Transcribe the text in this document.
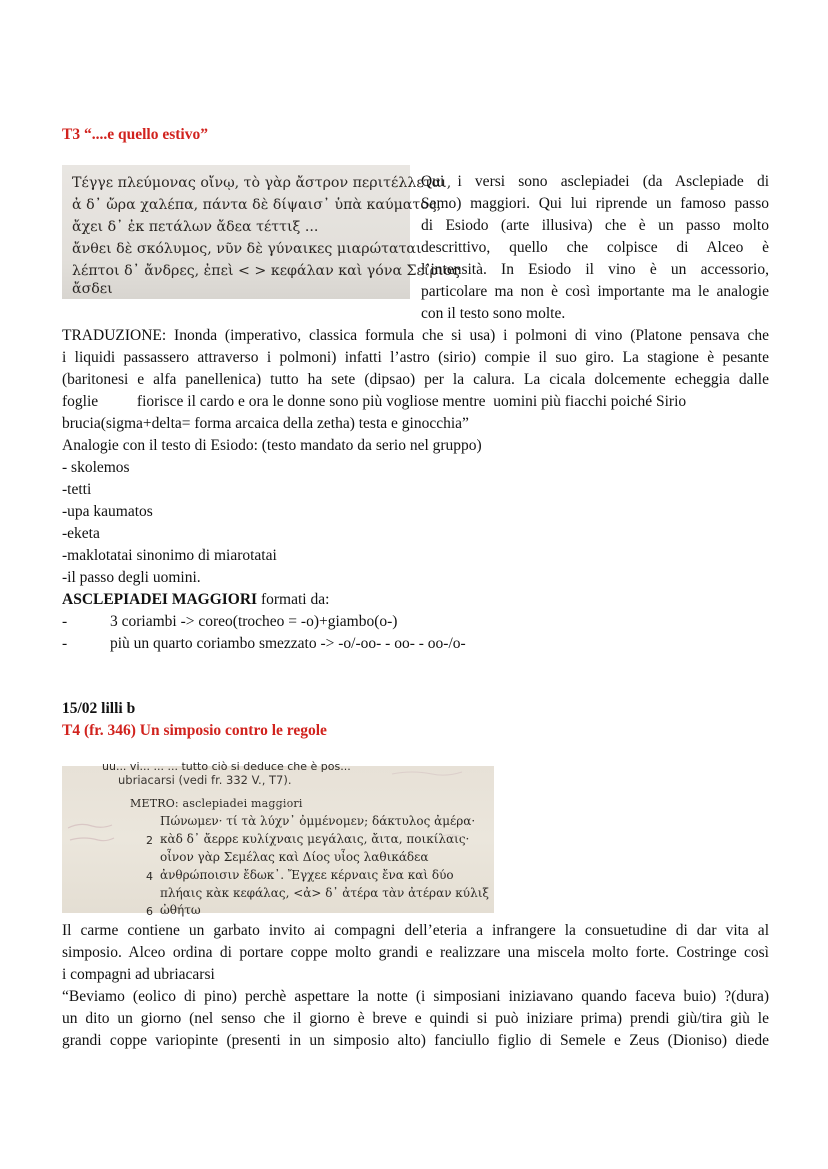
T3 “....e quello estivo”
Τέγγε πλεύμονας οἴνῳ, τὸ γὰρ ἄστρον περιτέλλεται,
ἀ δ᾽ ὤρα χαλέπα, πάντα δὲ δίψαισ᾽ ὑπὰ καύματος,
ἄχει δ᾽ ἐκ πετάλων ἄδεα τέττιξ ...
ἄνθει δὲ σκόλυμος, νῦν δὲ γύναικες μιαρώταται
λέπτοι δ᾽ ἄνδρες, ἐπεὶ < > κεφάλαν καὶ γόνα Σείριος
ἄσδει
Qui i versi sono asclepiadei (da Asclepiade di
Samo) maggiori. Qui lui riprende un famoso passo
di Esiodo (arte illusiva) che è un passo molto
descrittivo, quello che colpisce di Alceo è
l’intensità. In Esiodo il vino è un accessorio,
particolare ma non è così importante ma le analogie
con il testo sono molte.
TRADUZIONE: Inonda (imperativo, classica formula che si usa) i polmoni di vino (Platone pensava che
i liquidi passassero attraverso i polmoni) infatti l’astro (sirio) compie il suo giro. La stagione è pesante
(baritonesi e alfa panellenica) tutto ha sete (dipsao) per la calura. La cicala dolcemente echeggia dalle
foglie          fiorisce il cardo e ora le donne sono più vogliose mentre  uomini più fiacchi poiché Sirio
brucia(sigma+delta= forma arcaica della zetha) testa e ginocchia”
Analogie con il testo di Esiodo: (testo mandato da serio nel gruppo)
- skolemos
-tetti
-upa kaumatos
-eketa
-maklotatai sinonimo di miarotatai
-il passo degli uomini.
ASCLEPIADEI MAGGIORI formati da:
-	3 coriambi -> coreo(trocheo = -o)+giambo(o-)
-	più un quarto coriambo smezzato -> -o/-oo- - oo- - oo-/o-
15/02 lilli b
T4 (fr. 346) Un simposio contro le regole
uu... vi... ... ... tutto ciò si deduce che è pos...
ubriacarsi (vedi fr. 332 V., T7).
METRO: asclepiadei maggiori
Πώνωμεν· τί τὰ λύχν᾽ ὀμμένομεν; δάκτυλος ἀμέρα·
κὰδ δ᾽ ἄερρε κυλίχναις μεγάλαις, ἄιτα, ποικίλαις·
οἶνον γὰρ Σεμέλας καὶ Δίος υἶος λαθικάδεα
ἀνθρώποισιν ἔδωκ᾽. Ἔγχεε κέρναις ἔνα καὶ δύο
πλήαις κὰκ κεφάλας, <ἀ> δ᾽ ἀτέρα τὰν ἀτέραν κύλιξ
ὠθήτω
2
4
6
Il carme contiene un garbato invito ai compagni dell’eteria a infrangere la consuetudine di dar vita al
simposio. Alceo ordina di portare coppe molto grandi e realizzare una miscela molto forte. Costringe così
i compagni ad ubriacarsi
“Beviamo (eolico di pino) perchè aspettare la notte (i simposiani iniziavano quando faceva buio) ?(dura)
un dito un giorno (nel senso che il giorno è breve e quindi si può iniziare prima) prendi giù/tira giù le
grandi coppe variopinte (presenti in un simposio alto) fanciullo figlio di Semele e Zeus (Dioniso) diede
